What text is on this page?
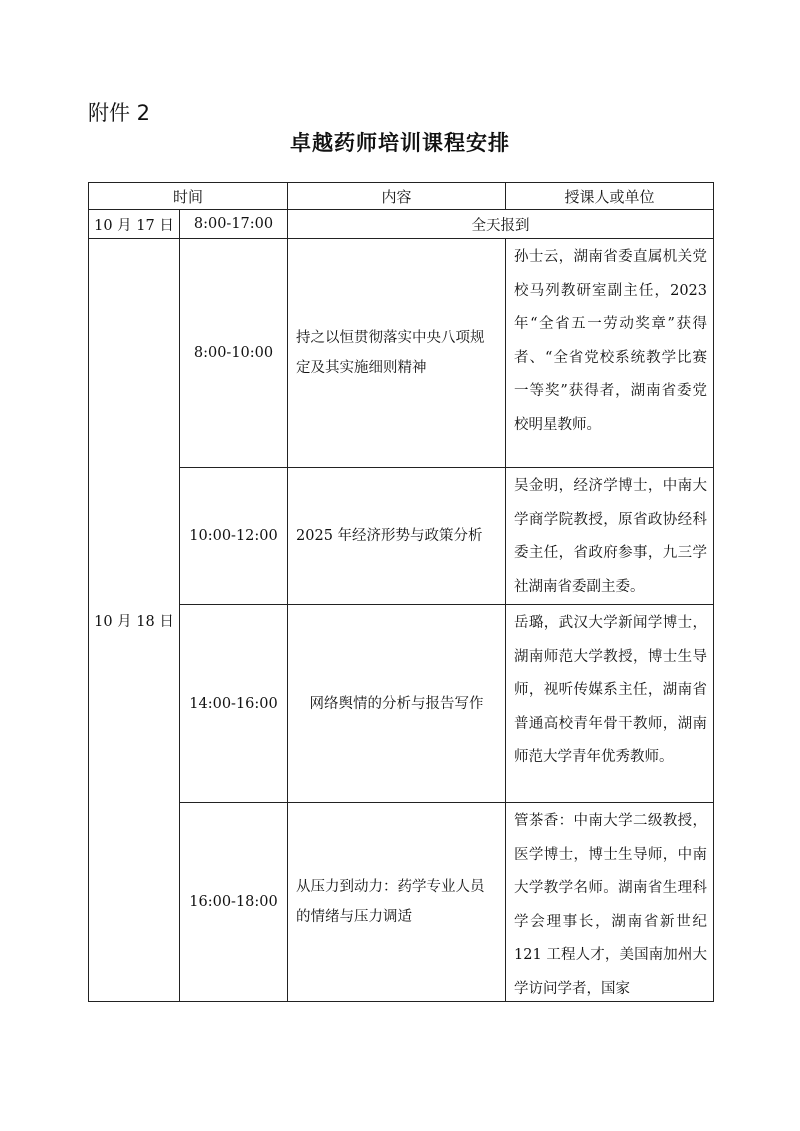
附件 2
卓越药师培训课程安排
时间		内容	授课人或单位
10 月 17 日	8:00-17:00	全天报到	
10 月 18 日	8:00-10:00	持之以恒贯彻落实中央八项规定及其实施细则精神	孙士云，湖南省委直属机关党校马列教研室副主任，2023 年“全省五一劳动奖章”获得者、“全省党校系统教学比赛一等奖”获得者，湖南省委党校明星教师。
	10:00-12:00	2025 年经济形势与政策分析	吴金明，经济学博士，中南大学商学院教授，原省政协经科委主任，省政府参事，九三学社湖南省委副主委。
	14:00-16:00	网络舆情的分析与报告写作	岳璐，武汉大学新闻学博士，湖南师范大学教授，博士生导师，视听传媒系主任，湖南省普通高校青年骨干教师，湖南师范大学青年优秀教师。
	16:00-18:00	从压力到动力：药学专业人员的情绪与压力调适	管茶香：中南大学二级教授，医学博士，博士生导师，中南大学教学名师。湖南省生理科学会理事长，湖南省新世纪 121 工程人才，美国南加州大学访问学者，国家
